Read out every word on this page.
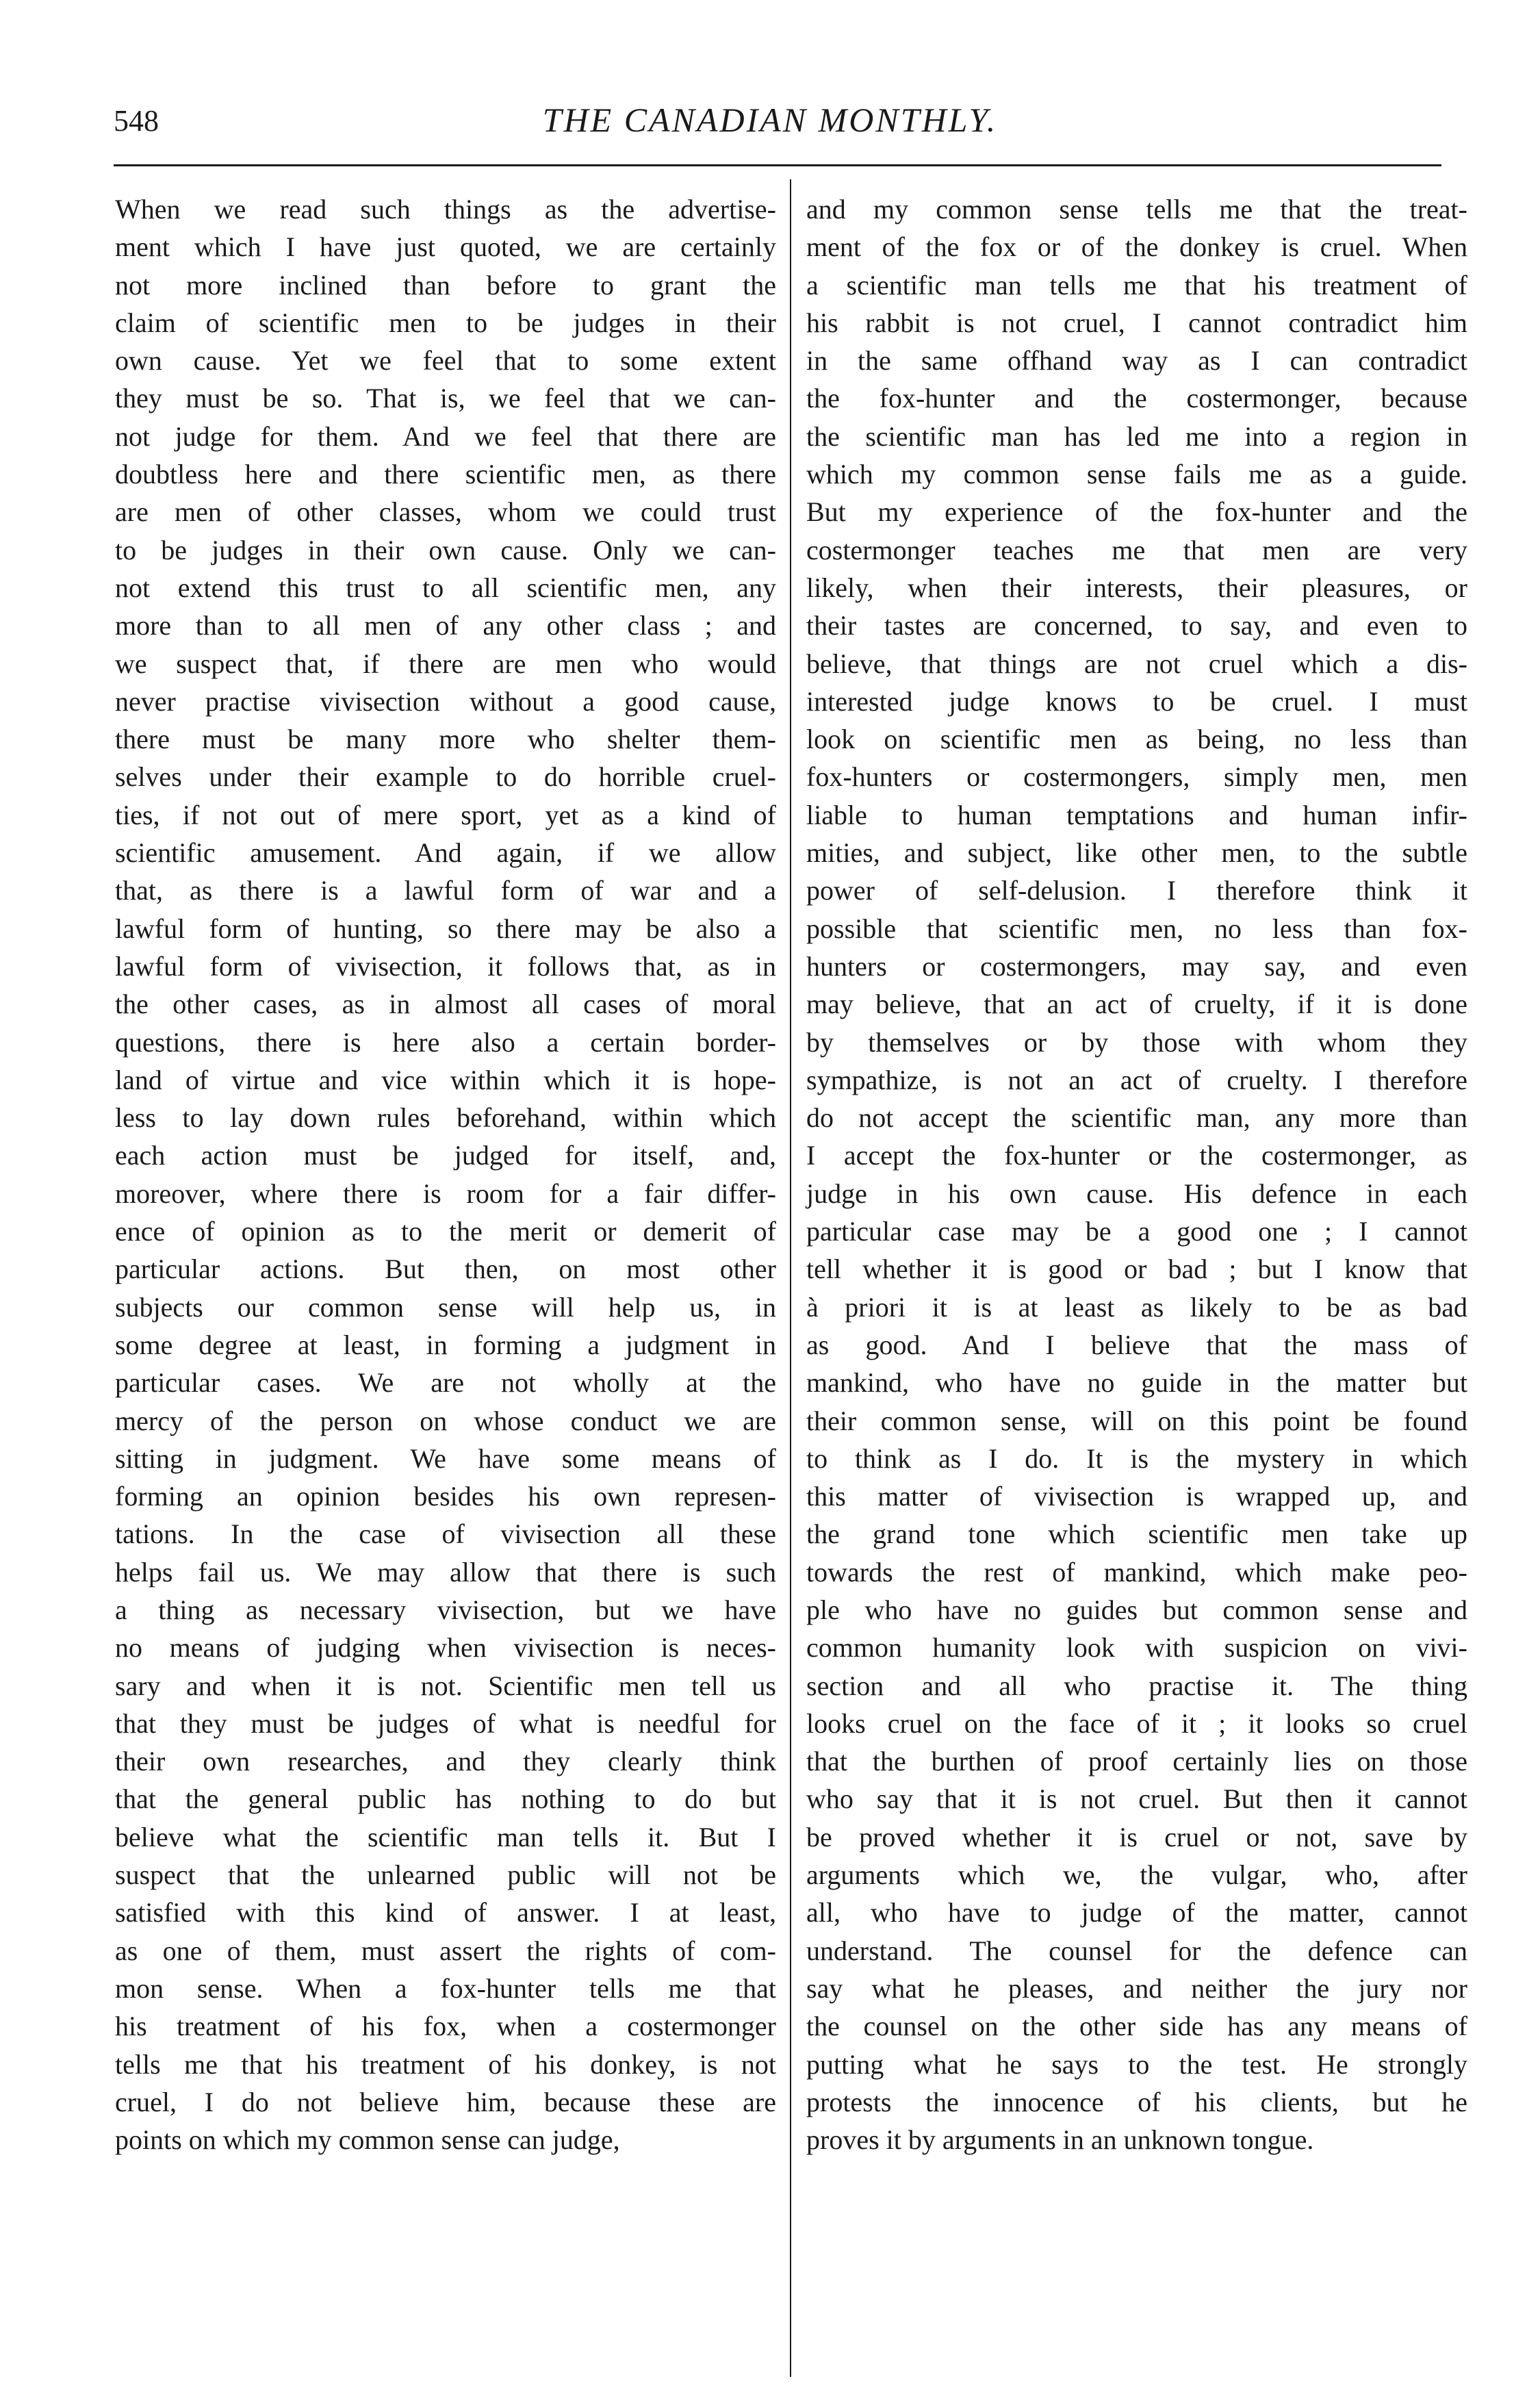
548	THE CANADIAN MONTHLY.
When we read such things as the advertise-
ment which I have just quoted, we are certainly
not more inclined than before to grant the
claim of scientific men to be judges in their
own cause. Yet we feel that to some extent
they must be so. That is, we feel that we can-
not judge for them. And we feel that there are
doubtless here and there scientific men, as there
are men of other classes, whom we could trust
to be judges in their own cause. Only we can-
not extend this trust to all scientific men, any
more than to all men of any other class ; and
we suspect that, if there are men who would
never practise vivisection without a good cause,
there must be many more who shelter them-
selves under their example to do horrible cruel-
ties, if not out of mere sport, yet as a kind of
scientific amusement. And again, if we allow
that, as there is a lawful form of war and a
lawful form of hunting, so there may be also a
lawful form of vivisection, it follows that, as in
the other cases, as in almost all cases of moral
questions, there is here also a certain border-
land of virtue and vice within which it is hope-
less to lay down rules beforehand, within which
each action must be judged for itself, and,
moreover, where there is room for a fair differ-
ence of opinion as to the merit or demerit of
particular actions. But then, on most other
subjects our common sense will help us, in
some degree at least, in forming a judgment in
particular cases. We are not wholly at the
mercy of the person on whose conduct we are
sitting in judgment. We have some means of
forming an opinion besides his own represen-
tations. In the case of vivisection all these
helps fail us. We may allow that there is such
a thing as necessary vivisection, but we have
no means of judging when vivisection is neces-
sary and when it is not. Scientific men tell us
that they must be judges of what is needful for
their own researches, and they clearly think
that the general public has nothing to do but
believe what the scientific man tells it. But I
suspect that the unlearned public will not be
satisfied with this kind of answer. I at least,
as one of them, must assert the rights of com-
mon sense. When a fox-hunter tells me that
his treatment of his fox, when a costermonger
tells me that his treatment of his donkey, is not
cruel, I do not believe him, because these are
points on which my common sense can judge,
and my common sense tells me that the treat-
ment of the fox or of the donkey is cruel. When
a scientific man tells me that his treatment of
his rabbit is not cruel, I cannot contradict him
in the same offhand way as I can contradict
the fox-hunter and the costermonger, because
the scientific man has led me into a region in
which my common sense fails me as a guide.
But my experience of the fox-hunter and the
costermonger teaches me that men are very
likely, when their interests, their pleasures, or
their tastes are concerned, to say, and even to
believe, that things are not cruel which a dis-
interested judge knows to be cruel. I must
look on scientific men as being, no less than
fox-hunters or costermongers, simply men, men
liable to human temptations and human infir-
mities, and subject, like other men, to the subtle
power of self-delusion. I therefore think it
possible that scientific men, no less than fox-
hunters or costermongers, may say, and even
may believe, that an act of cruelty, if it is done
by themselves or by those with whom they
sympathize, is not an act of cruelty. I therefore
do not accept the scientific man, any more than
I accept the fox-hunter or the costermonger, as
judge in his own cause. His defence in each
particular case may be a good one ; I cannot
tell whether it is good or bad ; but I know that
à priori it is at least as likely to be as bad
as good. And I believe that the mass of
mankind, who have no guide in the matter but
their common sense, will on this point be found
to think as I do. It is the mystery in which
this matter of vivisection is wrapped up, and
the grand tone which scientific men take up
towards the rest of mankind, which make peo-
ple who have no guides but common sense and
common humanity look with suspicion on vivi-
section and all who practise it. The thing
looks cruel on the face of it ; it looks so cruel
that the burthen of proof certainly lies on those
who say that it is not cruel. But then it cannot
be proved whether it is cruel or not, save by
arguments which we, the vulgar, who, after
all, who have to judge of the matter, cannot
understand. The counsel for the defence can
say what he pleases, and neither the jury nor
the counsel on the other side has any means of
putting what he says to the test. He strongly
protests the innocence of his clients, but he
proves it by arguments in an unknown tongue.
